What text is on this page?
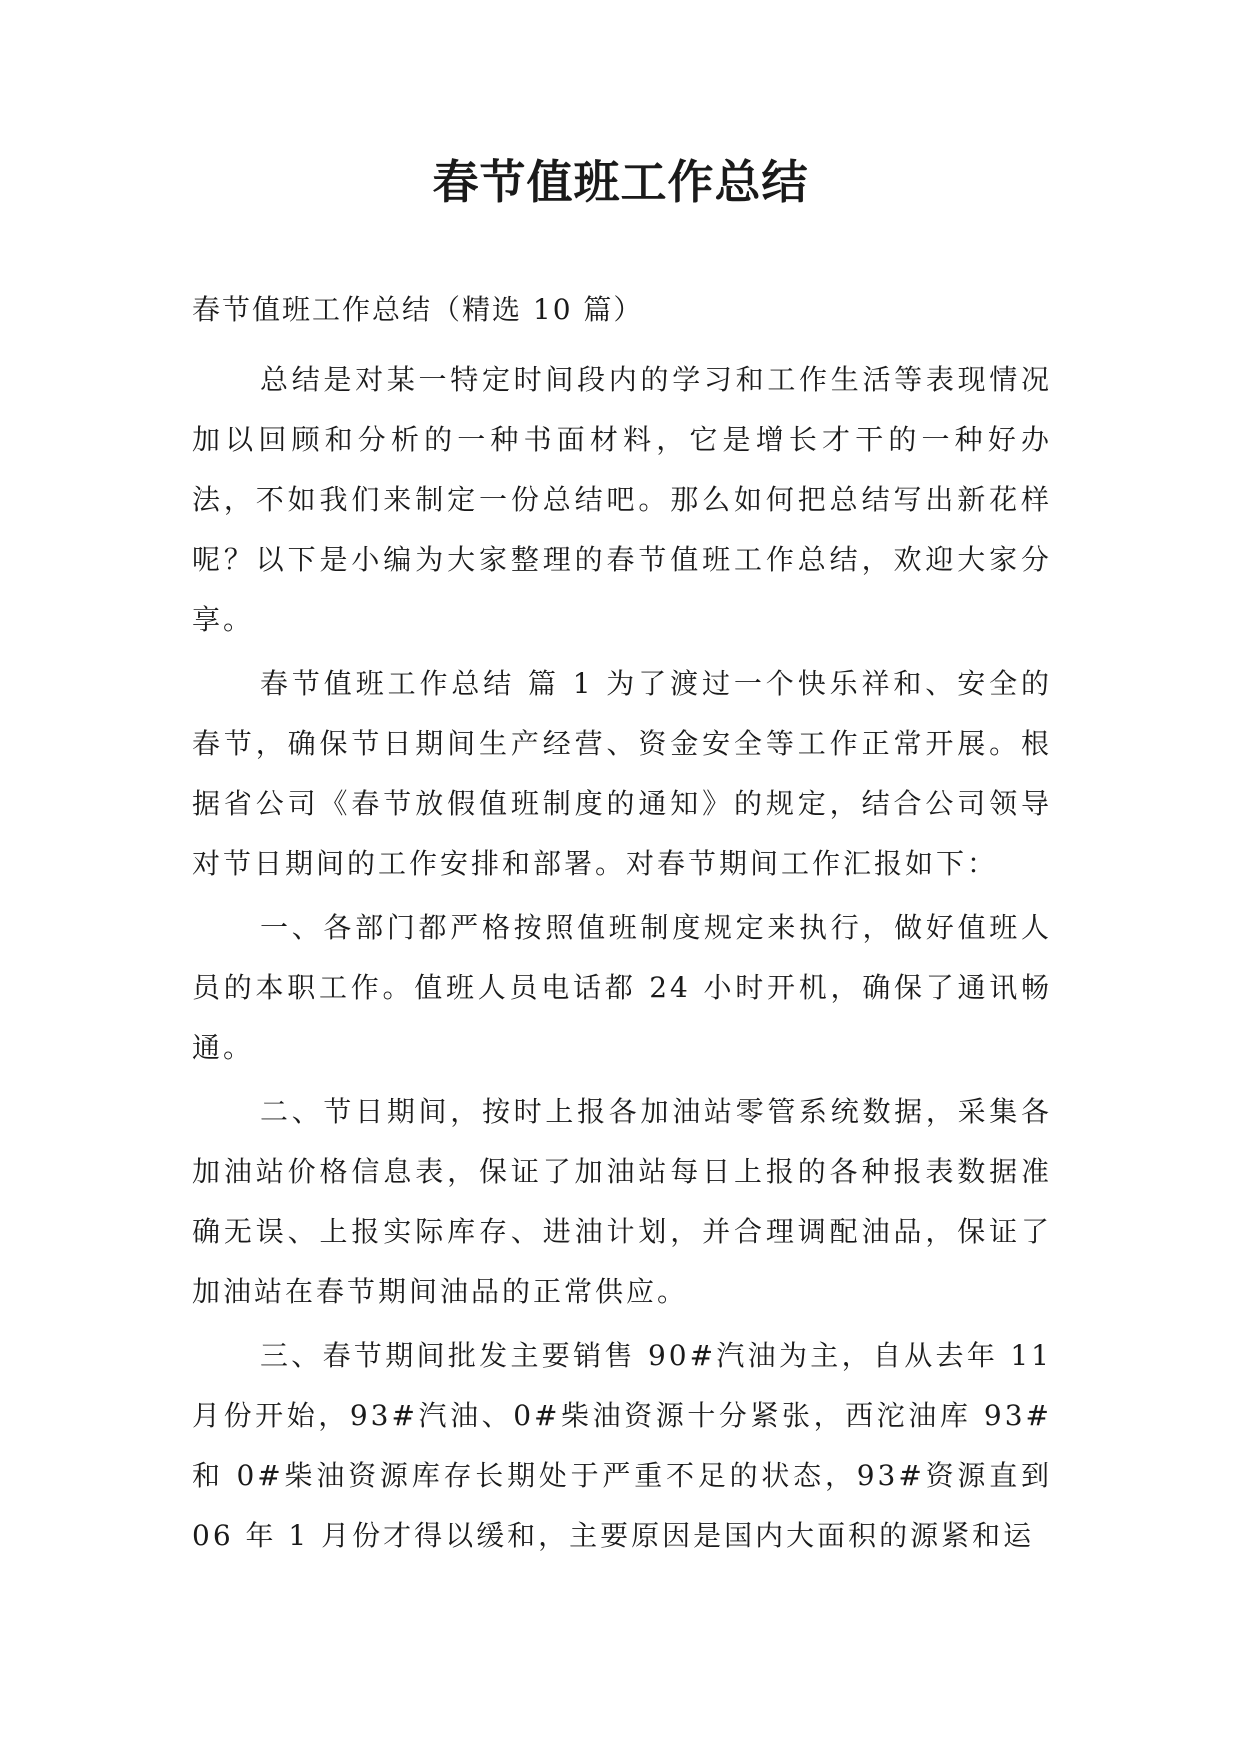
春节值班工作总结

春节值班工作总结（精选 10 篇）

总结是对某一特定时间段内的学习和工作生活等表现情况加以回顾和分析的一种书面材料，它是增长才干的一种好办法，不如我们来制定一份总结吧。那么如何把总结写出新花样呢？以下是小编为大家整理的春节值班工作总结，欢迎大家分享。

春节值班工作总结 篇 1 为了渡过一个快乐祥和、安全的春节，确保节日期间生产经营、资金安全等工作正常开展。根据省公司《春节放假值班制度的通知》的规定，结合公司领导对节日期间的工作安排和部署。对春节期间工作汇报如下：

一、各部门都严格按照值班制度规定来执行，做好值班人员的本职工作。值班人员电话都 24 小时开机，确保了通讯畅通。

二、节日期间，按时上报各加油站零管系统数据，采集各加油站价格信息表，保证了加油站每日上报的各种报表数据准确无误、上报实际库存、进油计划，并合理调配油品，保证了加油站在春节期间油品的正常供应。

三、春节期间批发主要销售 90#汽油为主，自从去年 11 月份开始，93#汽油、0#柴油资源十分紧张，西沱油库 93#和 0#柴油资源库存长期处于严重不足的状态，93#资源直到 06 年 1 月份才得以缓和，主要原因是国内大面积的源紧和运
